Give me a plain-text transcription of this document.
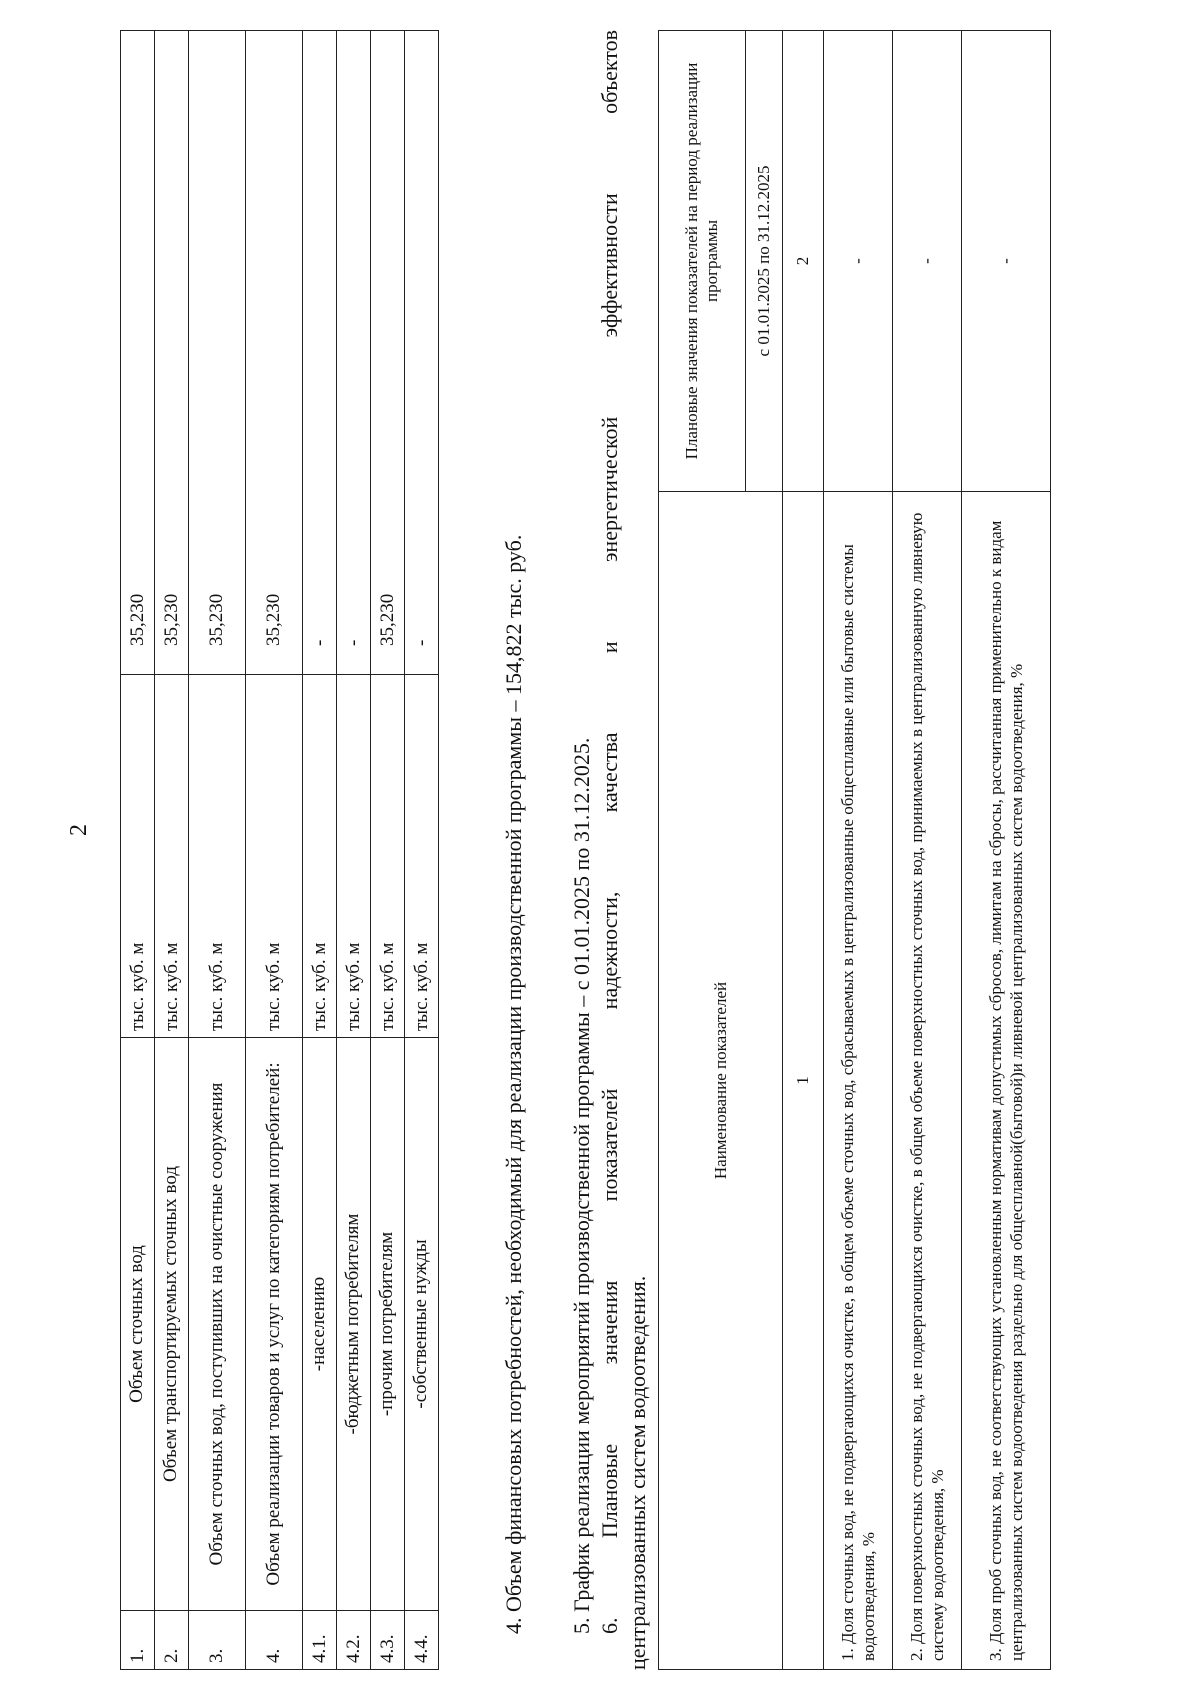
2
1.	Объем сточных вод	тыс. куб. м	35,230
2.	Объем транспортируемых сточных вод	тыс. куб. м	35,230
3.	Объем сточных вод, поступивших на очистные сооружения	тыс. куб. м	35,230
4.	Объем реализации товаров и услуг по категориям потребителей:	тыс. куб. м	35,230
4.1.	-населению	тыс. куб. м	-
4.2.	-бюджетным потребителям	тыс. куб. м	-
4.3.	-прочим потребителям	тыс. куб. м	35,230
4.4.	-собственные нужды	тыс. куб. м	-	4. Объем финансовых потребностей, необходимый для реализации производственной программы – 154,822 тыс. руб. 5. График реализации мероприятий производственной программы – с 01.01.2025 по 31.12.2025. 6. Плановые значения показателей надежности, качества и энергетической эффективности объектов централизованных систем водоотведения.
Наименование показателей	Плановые значения показателей на период реализации программы
	с 01.01.2025 по 31.12.2025
1	2
1. Доля сточных вод, не подвергающихся очистке, в общем объеме сточных вод, сбрасываемых в централизованные общесплавные или бытовые системы водоотведения, %	-
2. Доля поверхностных сточных вод, не подвергающихся очистке, в общем объеме поверхностных сточных вод, принимаемых в централизованную ливневую систему водоотведения, %	-
3. Доля проб сточных вод, не соответствующих установленным нормативам допустимых сбросов, лимитам на сбросы, рассчитанная применительно к видам централизованных систем водоотведения раздельно для общесплавной(бытовой)и ливневой централизованных систем водоотведения, %	-
